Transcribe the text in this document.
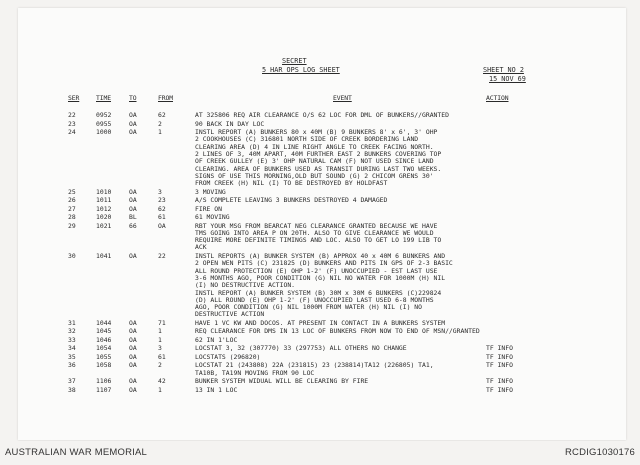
SECRET
5 HAR OPS LOG SHEET	SHEET NO 2
15 NOV 69
SER	TIME	TO	FROM	EVENT	ACTION
22	0952	OA	62	AT 325806 REQ AIR CLEARANCE O/S 62 LOC FOR DML OF BUNKERS//GRANTED
23	0955	OA	2	90 BACK IN DAY LOC
24	1000	OA	1	INSTL REPORT (A) BUNKERS 80 x 40M (B) 9 BUNKERS 8' x 6', 3' OHP
2 COOKHOUSES (C) 316801 NORTH SIDE OF CREEK BORDERING LAND
CLEARING AREA (D) 4 IN LINE RIGHT ANGLE TO CREEK FACING NORTH.
2 LINES OF 3, 40M APART, 40M FURTHER EAST 2 BUNKERS COVERING TOP
OF CREEK GULLEY (E) 3' OHP NATURAL CAM (F) NOT USED SINCE LAND
CLEARING. AREA OF BUNKERS USED AS TRANSIT DURING LAST TWO WEEKS.
SIGNS OF USE THIS MORNING,OLD BUT SOUND (G) 2 CHICOM GRENS 30'
FROM CREEK (H) NIL (I) TO BE DESTROYED BY HOLDFAST
25	1010	OA	3	3 MOVING
26	1011	OA	23	A/S COMPLETE LEAVING 3 BUNKERS DESTROYED 4 DAMAGED
27	1012	OA	62	FIRE ON
28	1020	BL	61	61 MOVING
29	1021	66	OA	RBT YOUR MSG FROM BEARCAT NEG CLEARANCE GRANTED BECAUSE WE HAVE
TMS GOING INTO AREA P ON 20TH. ALSO TO GIVE CLEARANCE WE WOULD
REQUIRE MORE DEFINITE TIMINGS AND LOC. ALSO TO GET LO 199 LIB TO
ACK
30	1041	OA	22	INSTL REPORTS (A) BUNKER SYSTEM (B) APPROX 40 x 40M 6 BUNKERS AND
2 OPEN WEN PITS (C) 231825 (D) BUNKERS AND PITS IN GPS OF 2-3 BASIC
ALL ROUND PROTECTION (E) OHP 1-2' (F) UNOCCUPIED - EST LAST USE
3-6 MONTHS AGO, POOR CONDITION (G) NIL NO WATER FOR 1000M (H) NIL
(I) NO DESTRUCTIVE ACTION.
INSTL REPORT (A) BUNKER SYSTEM (B) 30M x 30M 6 BUNKERS (C)229824
(D) ALL ROUND (E) OHP 1-2' (F) UNOCCUPIED LAST USED 6-8 MONTHS
AGO, POOR CONDITION (G) NIL 1000M FROM WATER (H) NIL (I) NO
DESTRUCTIVE ACTION
31	1044	OA	71	HAVE 1 VC KW AND DOCOS. AT PRESENT IN CONTACT IN A BUNKERS SYSTEM
32	1045	OA	1	REQ CLEARANCE FOR DMS IN 13 LOC OF BUNKERS FROM NOW TO END OF MSN//GRANTED
33	1046	OA	1	62 IN 1'LOC
34	1054	OA	3	LOCSTAT 3, 32 (307770) 33 (297753) ALL OTHERS NO CHANGE	TF INFO
35	1055	OA	61	LOCSTATS (296820)	TF INFO
36	1058	OA	2	LOCSTAT 21 (243808) 22A (231815) 23 (238814)TA12 (226805) TA1,
TA10B, TA19N MOVING FROM 90 LOC
TF INFO
37	1106	OA	42	BUNKER SYSTEM WIDUAL WILL BE CLEARING BY FIRE	TF INFO
38	1107	OA	1	13 IN 1 LOC	TF INFO
AUSTRALIAN WAR MEMORIAL	RCDIG1030176
